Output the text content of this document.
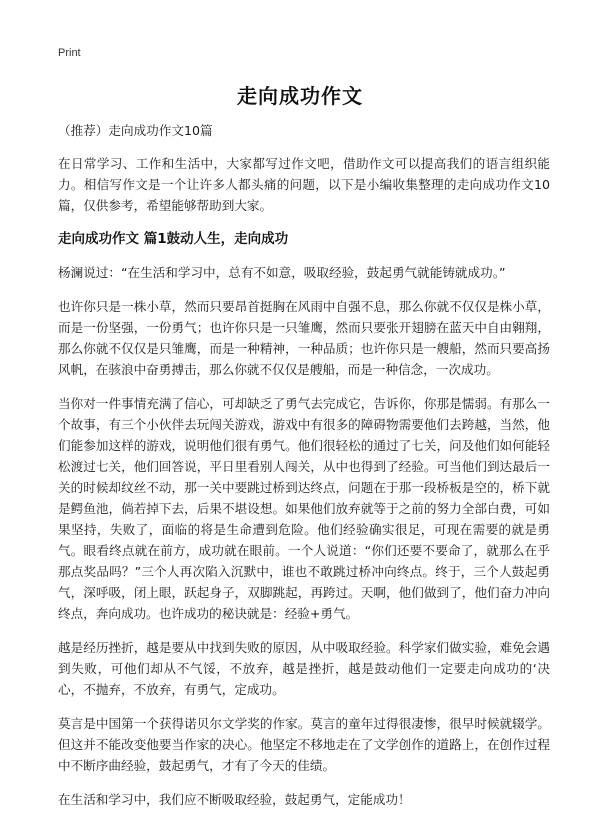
Print
走向成功作文

（推荐）走向成功作文10篇

在日常学习、工作和生活中，大家都写过作文吧，借助作文可以提高我们的语言组织能力。相信写作文是一个让许多人都头痛的问题，以下是小编收集整理的走向成功作文10篇，仅供参考，希望能够帮助到大家。

走向成功作文 篇1鼓动人生，走向成功

杨澜说过：“在生活和学习中，总有不如意，吸取经验，鼓起勇气就能铸就成功。”

也许你只是一株小草，然而只要昂首挺胸在风雨中自强不息，那么你就不仅仅是株小草，而是一份坚强，一份勇气；也许你只是一只雏鹰，然而只要张开翅膀在蓝天中自由翱翔，那么你就不仅仅是只雏鹰，而是一种精神，一种品质；也许你只是一艘船，然而只要高扬风帆，在骇浪中奋勇搏击，那么你就不仅仅是艘船，而是一种信念，一次成功。

当你对一件事情充满了信心，可却缺乏了勇气去完成它，告诉你，你那是懦弱。有那么一个故事，有三个小伙伴去玩闯关游戏，游戏中有很多的障碍物需要他们去跨越，当然，他们能参加这样的游戏，说明他们很有勇气。他们很轻松的通过了七关，问及他们如何能轻松渡过七关，他们回答说，平日里看别人闯关，从中也得到了经验。可当他们到达最后一关的时候却纹丝不动，那一关中要跳过桥到达终点，问题在于那一段桥板是空的，桥下就是鳄鱼池，倘若掉下去，后果不堪设想。如果他们放弃就等于之前的努力全部白费，可如果坚持，失败了，面临的将是生命遭到危险。他们经验确实很足，可现在需要的就是勇气。眼看终点就在前方，成功就在眼前。一个人说道：“你们还要不要命了，就那么在乎那点奖品吗？”三个人再次陷入沉默中，谁也不敢跳过桥冲向终点。终于，三个人鼓起勇气，深呼吸，闭上眼，跃起身子，双脚跳起，再跨过。天啊，他们做到了，他们奋力冲向终点，奔向成功。也许成功的秘诀就是：经验+勇气。

越是经历挫折，越是要从中找到失败的原因，从中吸取经验。科学家们做实验，难免会遇到失败，可他们却从不气馁，不放弃，越是挫折，越是鼓动他们一定要走向成功的‘决心，不抛弃，不放弃，有勇气，定成功。

莫言是中国第一个获得诺贝尔文学奖的作家。莫言的童年过得很凄惨，很早时候就辍学。但这并不能改变他要当作家的决心。他坚定不移地走在了文学创作的道路上，在创作过程中不断序曲经验，鼓起勇气，才有了今天的佳绩。

在生活和学习中，我们应不断吸取经验，鼓起勇气，定能成功！
